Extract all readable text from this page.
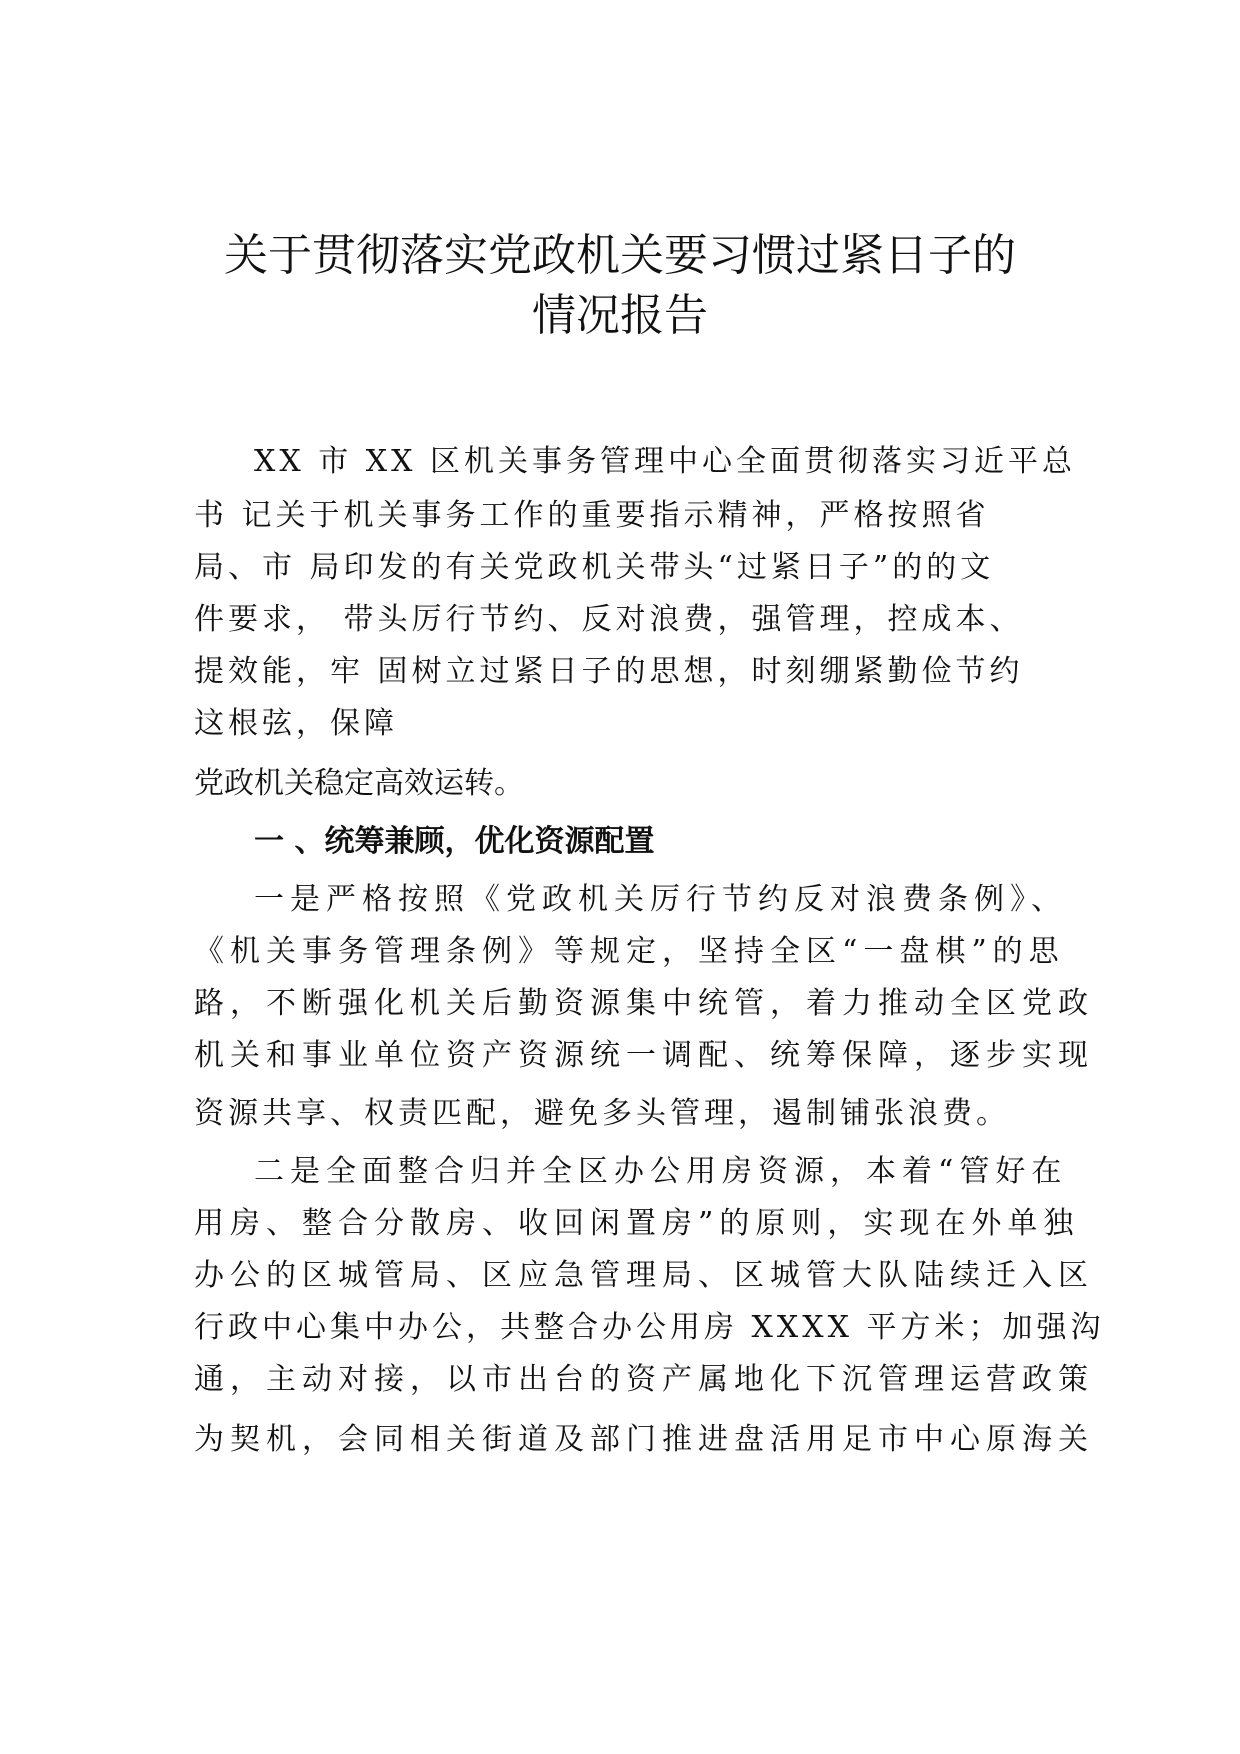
关于贯彻落实党政机关要习惯过紧日子的
情况报告

XX 市 XX 区机关事务管理中心全面贯彻落实习近平总

书 记关于机关事务工作的重要指示精神，严格按照省

局、市 局印发的有关党政机关带头“过紧日子”的的文

件要求， 带头厉行节约、反对浪费，强管理，控成本、

提效能，牢 固树立过紧日子的思想，时刻绷紧勤俭节约

这根弦，保障

党政机关稳定高效运转。

一 、统筹兼顾，优化资源配置

一是严格按照《党政机关厉行节约反对浪费条例》、

《机关事务管理条例》等规定，坚持全区“一盘棋”的思

路，不断强化机关后勤资源集中统管，着力推动全区党政

机关和事业单位资产资源统一调配、统筹保障，逐步实现

资源共享、权责匹配，避免多头管理，遏制铺张浪费。

二是全面整合归并全区办公用房资源，本着“管好在

用房、整合分散房、收回闲置房”的原则，实现在外单独

办公的区城管局、区应急管理局、区城管大队陆续迁入区

行政中心集中办公，共整合办公用房 XXXX 平方米；加强沟

通，主动对接，以市出台的资产属地化下沉管理运营政策

为契机，会同相关街道及部门推进盘活用足市中心原海关
